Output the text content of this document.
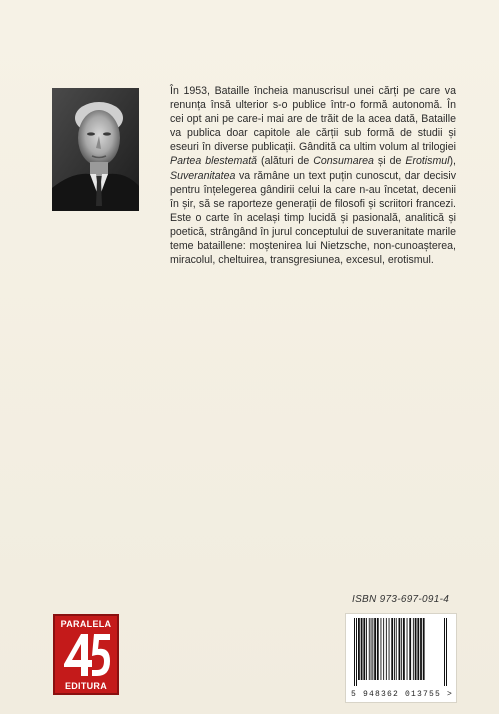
În 1953, Bataille încheia manuscrisul unei cărți pe care va renunța însă ulterior s-o publice într-o formă autonomă. În cei opt ani pe care-i mai are de trăit de la acea dată, Bataille va publica doar capitole ale cărții sub formă de studii și eseuri în diverse publicații. Gândită ca ultim volum al trilogiei Partea blestemată (alături de Consumarea și de Erotismul), Suveranitatea va rămâne un text puțin cunoscut, dar decisiv pentru înțelegerea gândirii celui la care n-au încetat, decenii în șir, să se raporteze generații de filosofi și scriitori francezi. Este o carte în același timp lucidă și pasională, analitică și poetică, strângând în jurul conceptului de suveranitate marile teme bataillene: moștenirea lui Nietzsche, non-cunoașterea, miracolul, cheltuirea, transgresiunea, excesul, erotismul.

ISBN 973-697-091-4
5 948362 013755 >
PARALELA
EDITURA
